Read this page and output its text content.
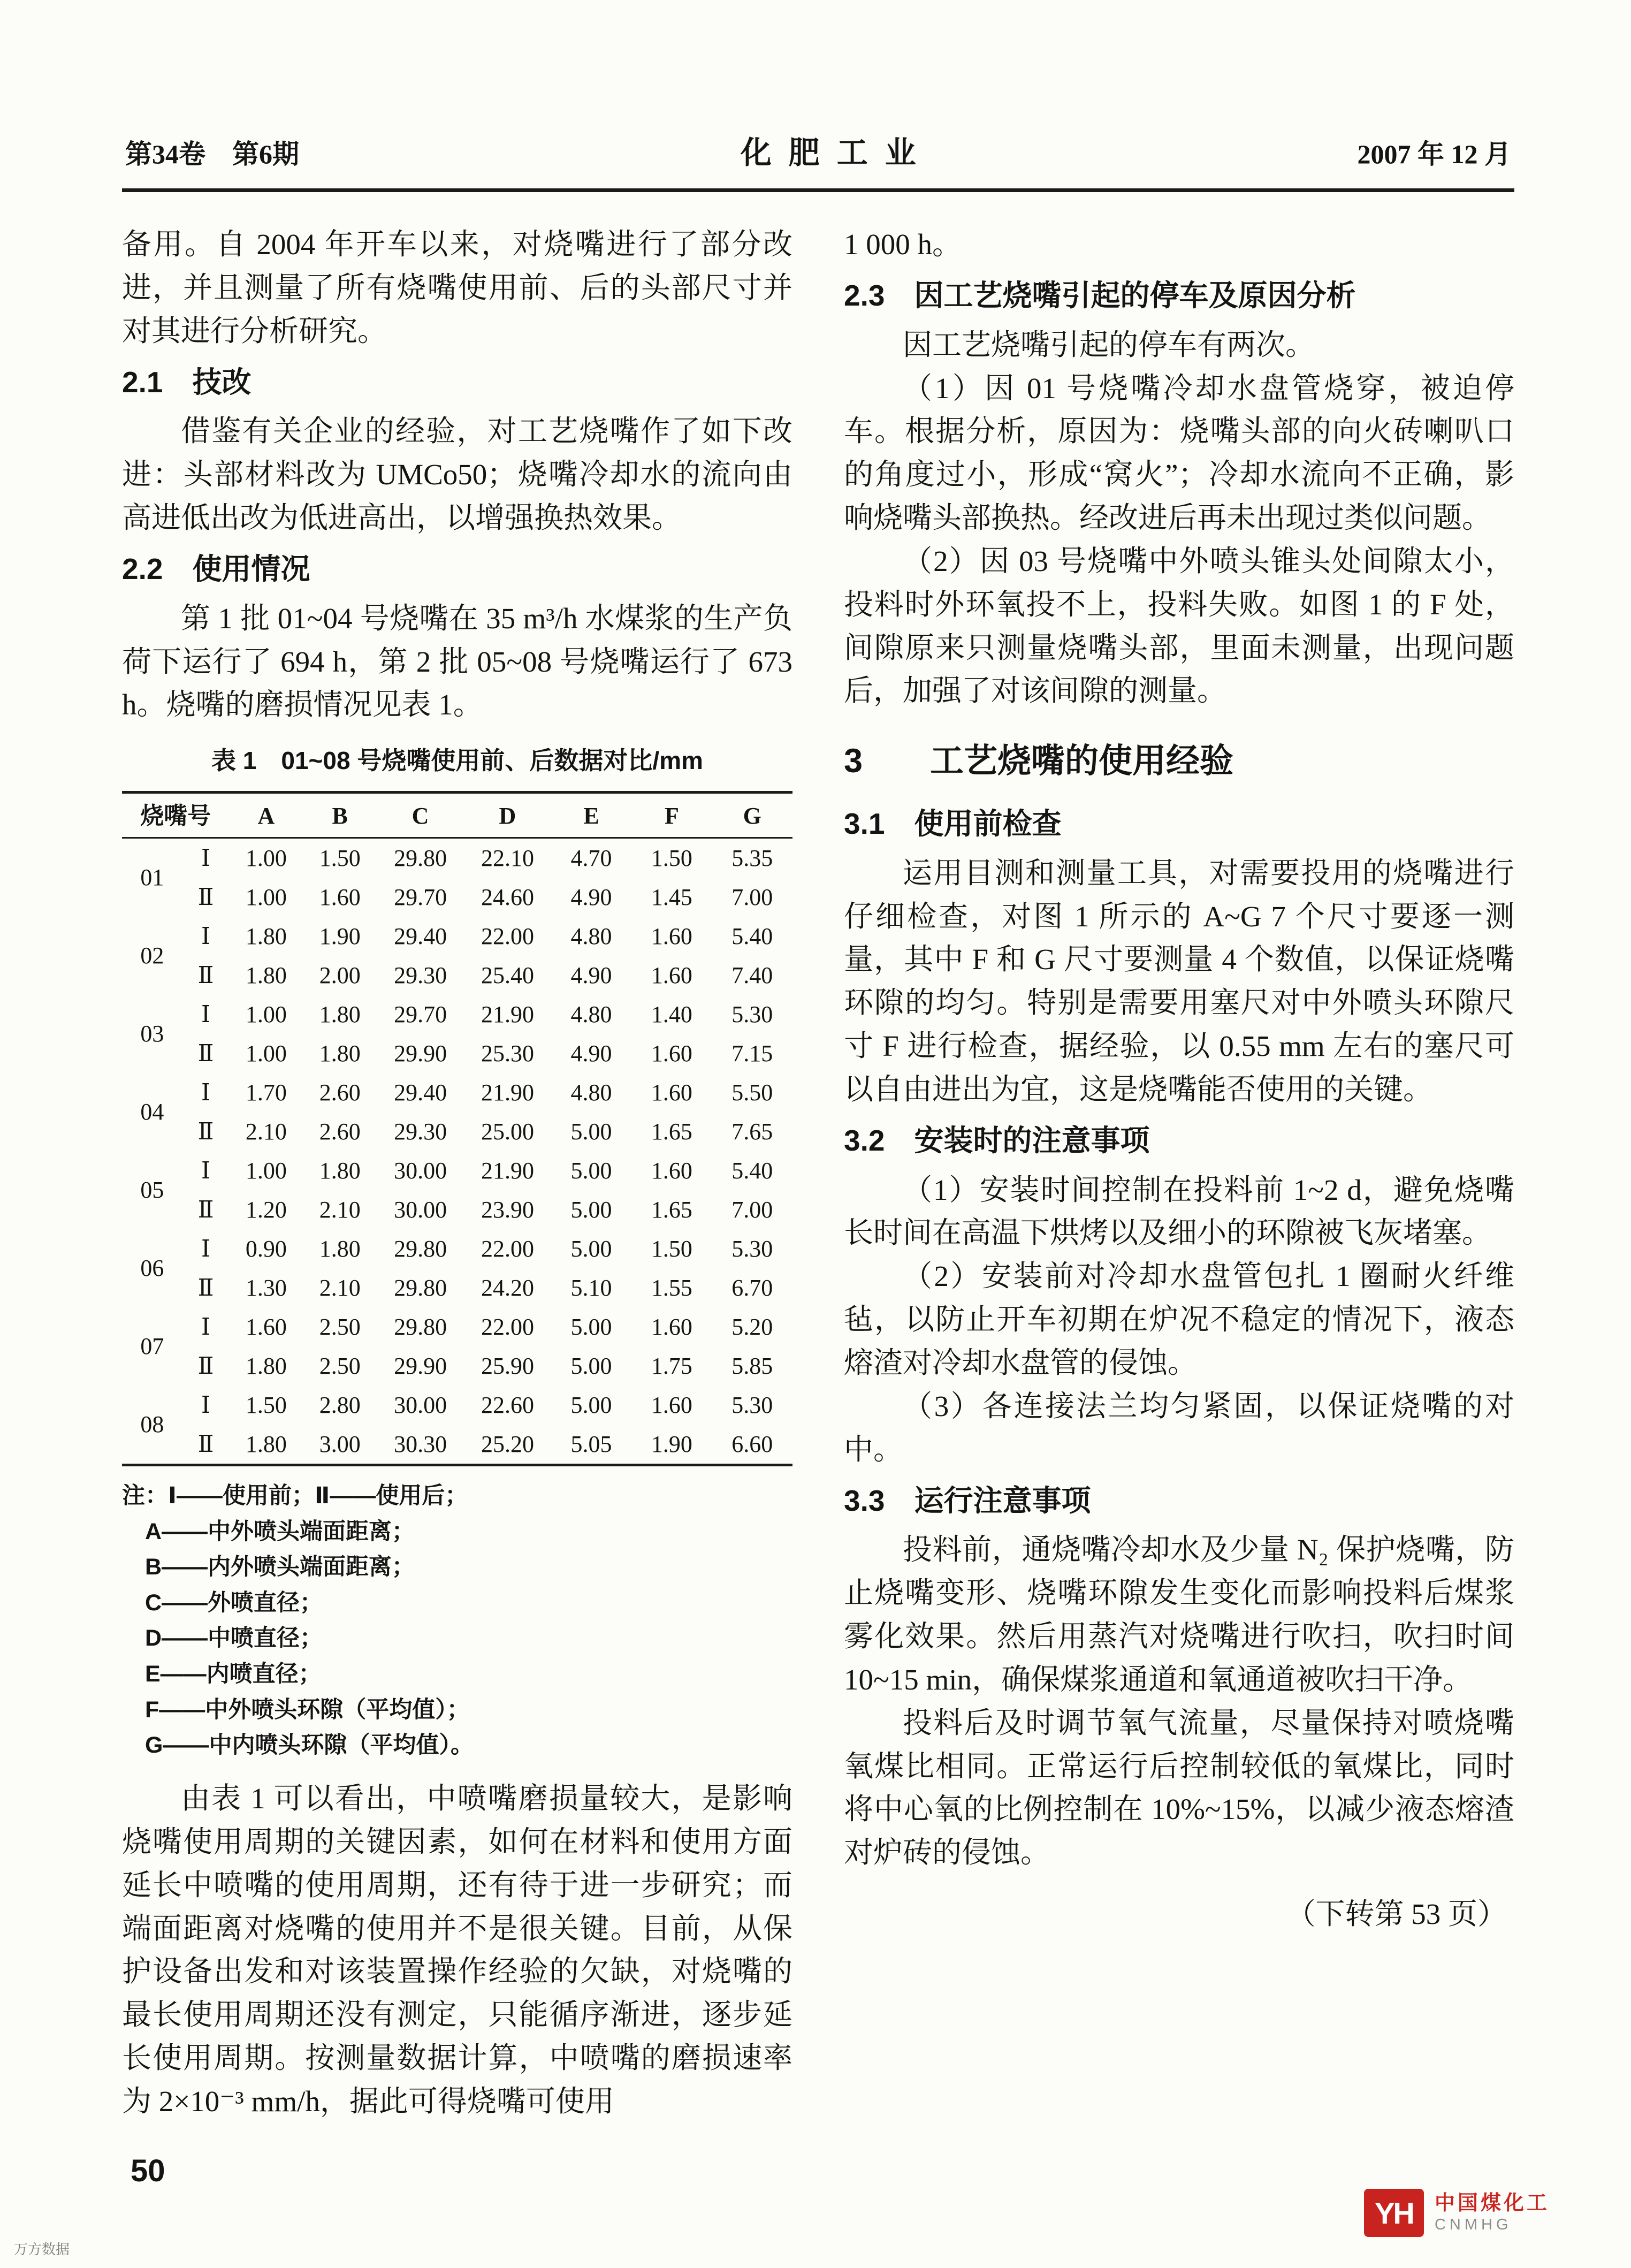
第34卷　第6期	化肥工业	2007 年 12 月

备用。自 2004 年开车以来，对烧嘴进行了部分改进，并且测量了所有烧嘴使用前、后的头部尺寸并对其进行分析研究。

2.1　技改

借鉴有关企业的经验，对工艺烧嘴作了如下改进：头部材料改为 UMCo50；烧嘴冷却水的流向由高进低出改为低进高出，以增强换热效果。

2.2　使用情况

第 1 批 01~04 号烧嘴在 35 m³/h 水煤浆的生产负荷下运行了 694 h，第 2 批 05~08 号烧嘴运行了 673 h。烧嘴的磨损情况见表 1。

表 1　01~08 号烧嘴使用前、后数据对比/mm
烧嘴号		A	B	C	D	E	F	G
01	Ⅰ	1.00	1.50	29.80	22.10	4.70	1.50	5.35
	Ⅱ	1.00	1.60	29.70	24.60	4.90	1.45	7.00
02	Ⅰ	1.80	1.90	29.40	22.00	4.80	1.60	5.40
	Ⅱ	1.80	2.00	29.30	25.40	4.90	1.60	7.40
03	Ⅰ	1.00	1.80	29.70	21.90	4.80	1.40	5.30
	Ⅱ	1.00	1.80	29.90	25.30	4.90	1.60	7.15
04	Ⅰ	1.70	2.60	29.40	21.90	4.80	1.60	5.50
	Ⅱ	2.10	2.60	29.30	25.00	5.00	1.65	7.65
05	Ⅰ	1.00	1.80	30.00	21.90	5.00	1.60	5.40
	Ⅱ	1.20	2.10	30.00	23.90	5.00	1.65	7.00
06	Ⅰ	0.90	1.80	29.80	22.00	5.00	1.50	5.30
	Ⅱ	1.30	2.10	29.80	24.20	5.10	1.55	6.70
07	Ⅰ	1.60	2.50	29.80	22.00	5.00	1.60	5.20
	Ⅱ	1.80	2.50	29.90	25.90	5.00	1.75	5.85
08	Ⅰ	1.50	2.80	30.00	22.60	5.00	1.60	5.30
	Ⅱ	1.80	3.00	30.30	25.20	5.05	1.90	6.60
注：Ⅰ——使用前；Ⅱ——使用后；
A——中外喷头端面距离；
B——内外喷头端面距离；
C——外喷直径；
D——中喷直径；
E——内喷直径；
F——中外喷头环隙（平均值）；
G——中内喷头环隙（平均值）。

由表 1 可以看出，中喷嘴磨损量较大，是影响烧嘴使用周期的关键因素，如何在材料和使用方面延长中喷嘴的使用周期，还有待于进一步研究；而端面距离对烧嘴的使用并不是很关键。目前，从保护设备出发和对该装置操作经验的欠缺，对烧嘴的最长使用周期还没有测定，只能循序渐进，逐步延长使用周期。按测量数据计算，中喷嘴的磨损速率为 2×10⁻³ mm/h，据此可得烧嘴可使用

1 000 h。

2.3　因工艺烧嘴引起的停车及原因分析

因工艺烧嘴引起的停车有两次。

（1）因 01 号烧嘴冷却水盘管烧穿，被迫停车。根据分析，原因为：烧嘴头部的向火砖喇叭口的角度过小，形成“窝火”；冷却水流向不正确，影响烧嘴头部换热。经改进后再未出现过类似问题。

（2）因 03 号烧嘴中外喷头锥头处间隙太小，投料时外环氧投不上，投料失败。如图 1 的 F 处，间隙原来只测量烧嘴头部，里面未测量，出现问题后，加强了对该间隙的测量。

3　　工艺烧嘴的使用经验
3.1　使用前检查

运用目测和测量工具，对需要投用的烧嘴进行仔细检查，对图 1 所示的 A~G 7 个尺寸要逐一测量，其中 F 和 G 尺寸要测量 4 个数值，以保证烧嘴环隙的均匀。特别是需要用塞尺对中外喷头环隙尺寸 F 进行检查，据经验，以 0.55 mm 左右的塞尺可以自由进出为宜，这是烧嘴能否使用的关键。

3.2　安装时的注意事项

（1）安装时间控制在投料前 1~2 d，避免烧嘴长时间在高温下烘烤以及细小的环隙被飞灰堵塞。

（2）安装前对冷却水盘管包扎 1 圈耐火纤维毡，以防止开车初期在炉况不稳定的情况下，液态熔渣对冷却水盘管的侵蚀。

（3）各连接法兰均匀紧固，以保证烧嘴的对中。

3.3　运行注意事项

投料前，通烧嘴冷却水及少量 N₂ 保护烧嘴，防止烧嘴变形、烧嘴环隙发生变化而影响投料后煤浆雾化效果。然后用蒸汽对烧嘴进行吹扫，吹扫时间 10~15 min，确保煤浆通道和氧通道被吹扫干净。

投料后及时调节氧气流量，尽量保持对喷烧嘴氧煤比相同。正常运行后控制较低的氧煤比，同时将中心氧的比例控制在 10%~15%，以减少液态熔渣对炉砖的侵蚀。

（下转第 53 页）

50
YH	中国煤化工
CNMHG
万方数据
